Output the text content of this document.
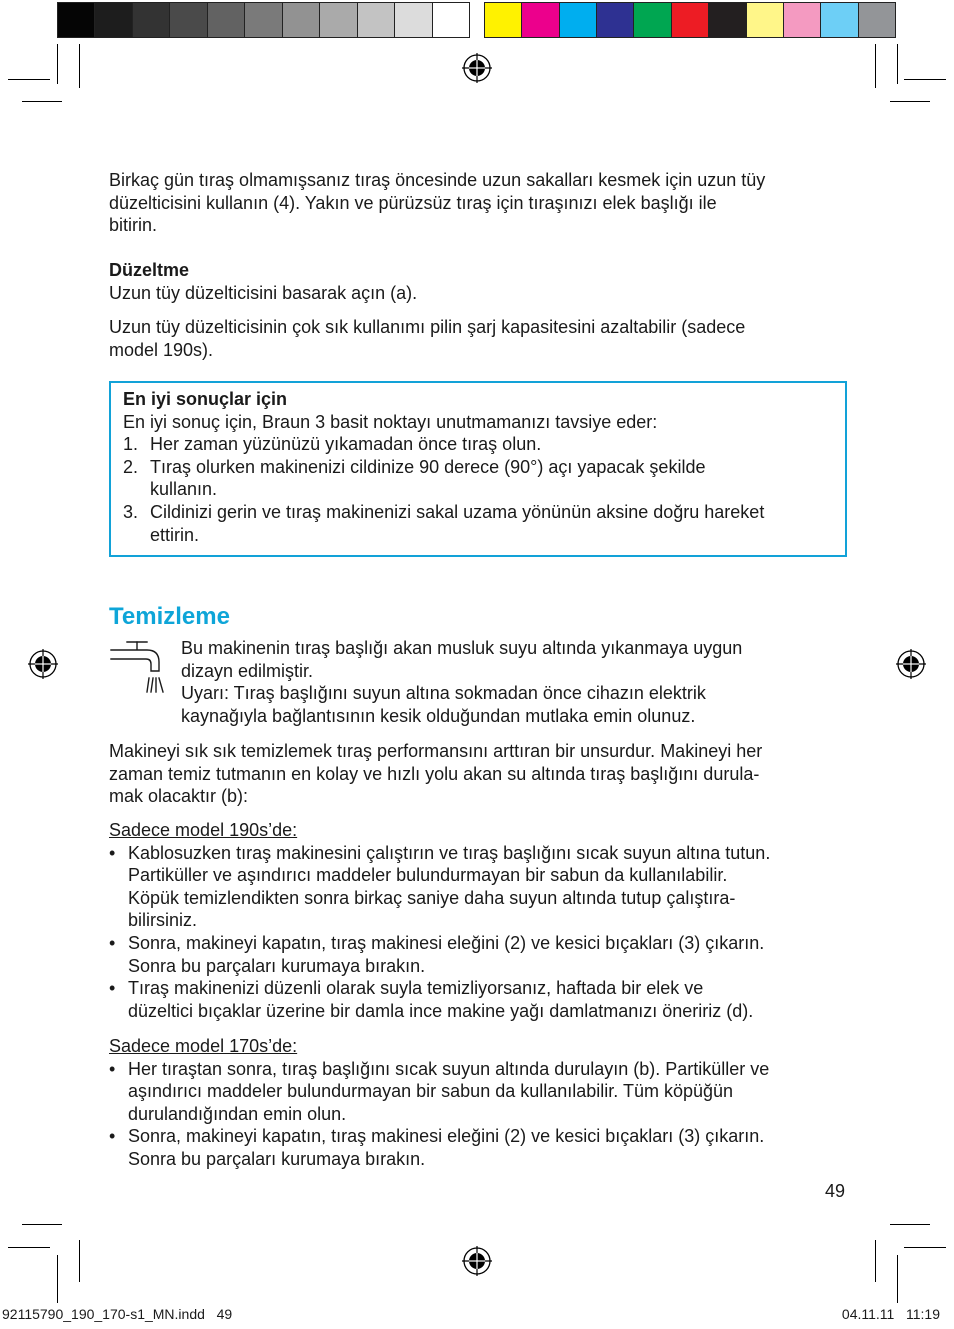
Birkaç gün tıraş olmamışsanız tıraş öncesinde uzun sakalları kesmek için uzun tüy
düzelticisini kullanın (4). Yakın ve pürüzsüz tıraş için tıraşınızı elek başlığı ile
bitirin.
Düzeltme
Uzun tüy düzelticisini basarak açın (a).
Uzun tüy düzelticisinin çok sık kullanımı pilin şarj kapasitesini azaltabilir (sadece
model 190s).
En iyi sonuçlar için
En iyi sonuç için, Braun 3 basit noktayı unutmamanızı tavsiye eder:
1. Her zaman yüzünüzü yıkamadan önce tıraş olun.
2. Tıraş olurken makinenizi cildinize 90 derece (90°) açı yapacak şekilde
kullanın.
3. Cildinizi gerin ve tıraş makinenizi sakal uzama yönünün aksine doğru hareket
ettirin.
Temizleme
Bu makinenin tıraş başlığı akan musluk suyu altında yıkanmaya uygun
dizayn edilmiştir.
Uyarı: Tıraş başlığını suyun altına sokmadan önce cihazın elektrik
kaynağıyla bağlantısının kesik olduğundan mutlaka emin olunuz.
Makineyi sık sık temizlemek tıraş performansını arttıran bir unsurdur. Makineyi her
zaman temiz tutmanın en kolay ve hızlı yolu akan su altında tıraş başlığını durula-
mak olacaktır (b):
Sadece model 190s’de:
• Kablosuzken tıraş makinesini çalıştırın ve tıraş başlığını sıcak suyun altına tutun.
Partiküller ve aşındırıcı maddeler bulundurmayan bir sabun da kullanılabilir.
Köpük temizlendikten sonra birkaç saniye daha suyun altında tutup çalıştıra-
bilirsiniz.
• Sonra, makineyi kapatın, tıraş makinesi eleğini (2) ve kesici bıçakları (3) çıkarın.
Sonra bu parçaları kurumaya bırakın.
• Tıraş makinenizi düzenli olarak suyla temizliyorsanız, haftada bir elek ve
düzeltici bıçaklar üzerine bir damla ince makine yağı damlatmanızı öneririz (d).
Sadece model 170s’de:
• Her tıraştan sonra, tıraş başlığını sıcak suyun altında durulayın (b). Partiküller ve
aşındırıcı maddeler bulundurmayan bir sabun da kullanılabilir. Tüm köpüğün
durulandığından emin olun.
• Sonra, makineyi kapatın, tıraş makinesi eleğini (2) ve kesici bıçakları (3) çıkarın.
Sonra bu parçaları kurumaya bırakın.
49
92115790_190_170-s1_MN.indd   49	04.11.11   11:19
